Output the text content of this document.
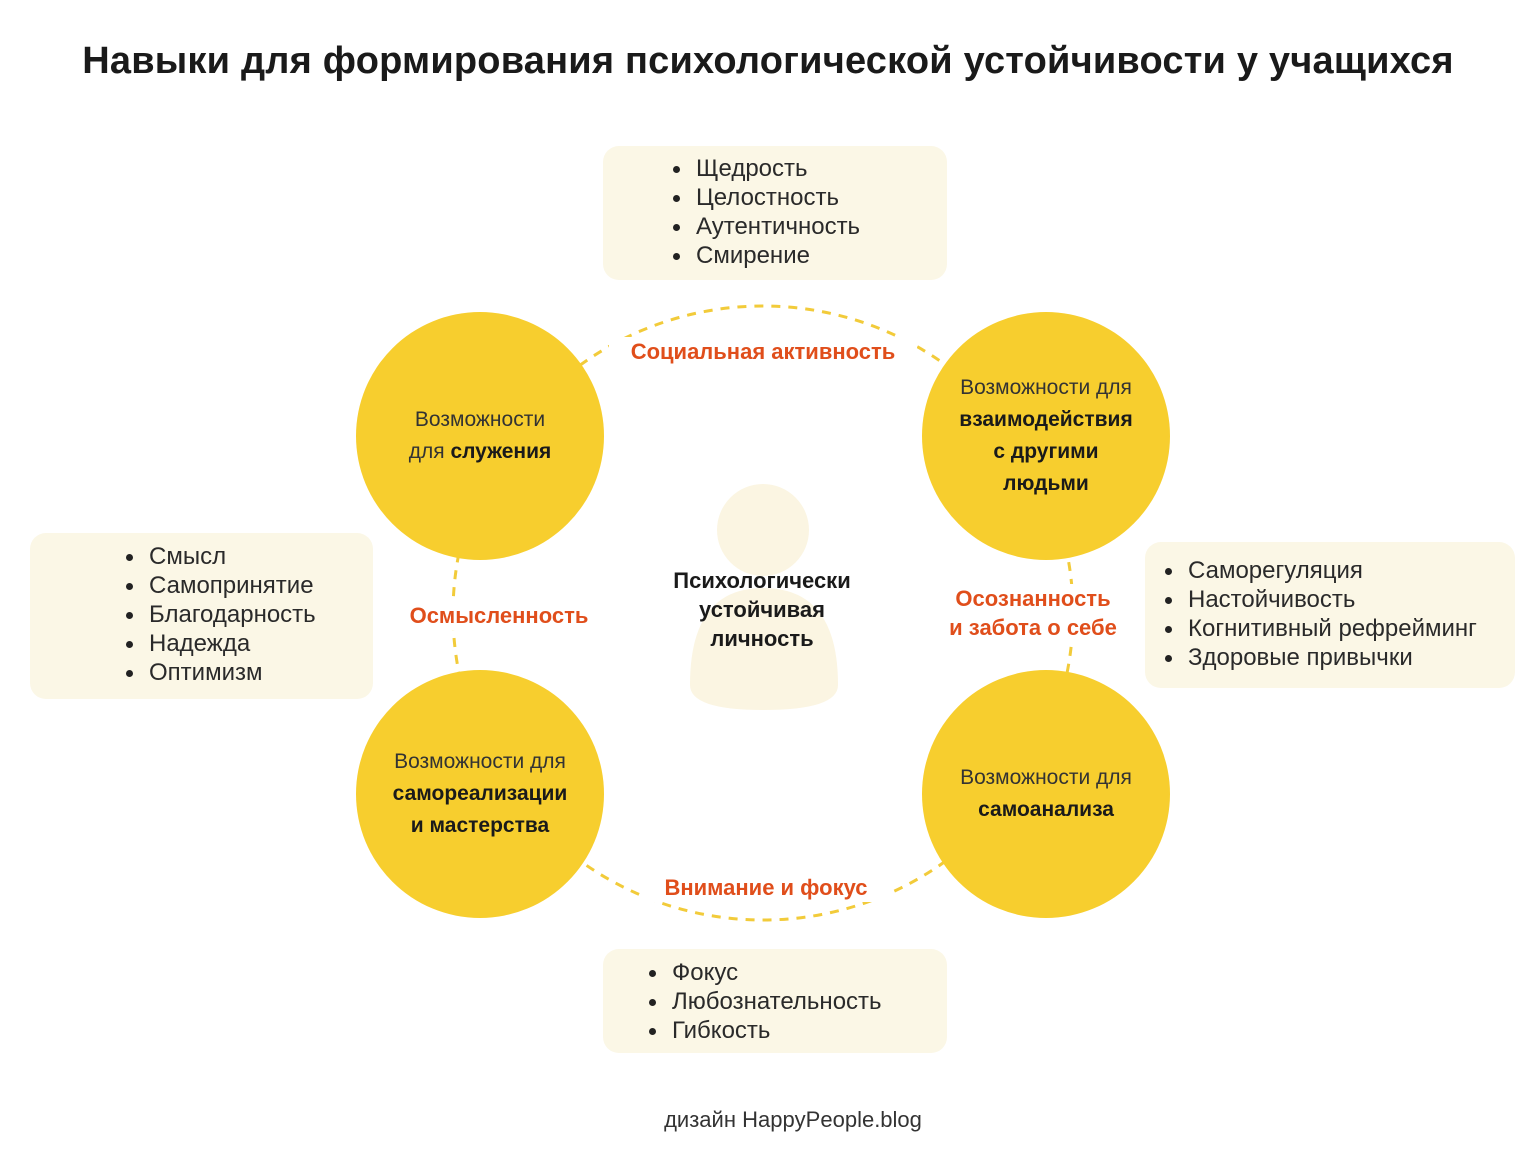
Навыки для формирования психологической устойчивости у учащихся
Возможности
для служения
Возможности для
взаимодействия
с другими
людьми
Возможности для
самореализации
и мастерства
Возможности для
самоанализа
Социальная активность
Осмысленность
Осознанность
и забота о себе
Внимание и фокус
Психологически
устойчивая
личность
Щедрость
Целостность
Аутентичность
Смирение
Смысл
Самопринятие
Благодарность
Надежда
Оптимизм
Саморегуляция
Настойчивость
Когнитивный рефрейминг
Здоровые привычки
Фокус
Любознательность
Гибкость
дизайн HappyPeople.blog
